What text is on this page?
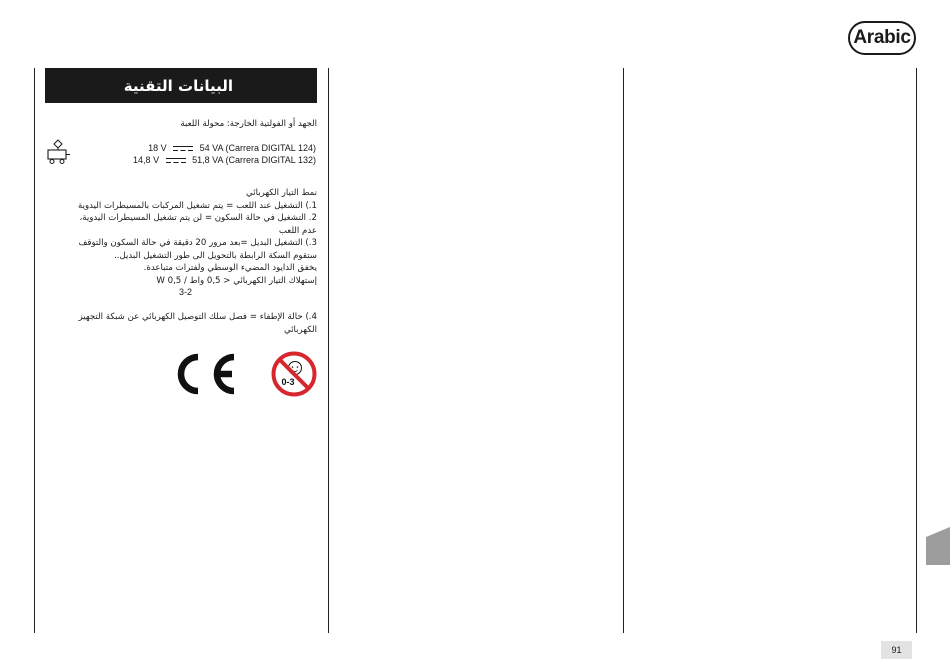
Arabic
البيانات التقنية
الجهد أو الفولتية الخارجة: محولة اللعبة
18 V	54 VA (Carrera DIGITAL 124)
14,8 V	51,8 VA (Carrera DIGITAL 132)
نمط التيار الكهربائي
1.) التشغيل عند اللعب = يتم تشغيل المركبات بالمسيطرات اليدوية
2. التشغيل في حالة السكون = لن يتم تشغيل المسيطرات اليدوية،
عدم اللعب
3.) التشغيل البديل =بعد مرور 20 دقيقة في حالة السكون والتوقف
ستقوم السكة الرابطة بالتحويل الى طور التشغيل البديل..
يخفق الدايود المضيء الوسطي ولفترات متباعدة.
إستهلاك التيار الكهربائي < 0,5 واط / 0,5 W
3-2
4.) حالة الإطفاء = فصل سلك التوصيل الكهربائي عن شبكة التجهيز
الكهربائي
0-3
91
